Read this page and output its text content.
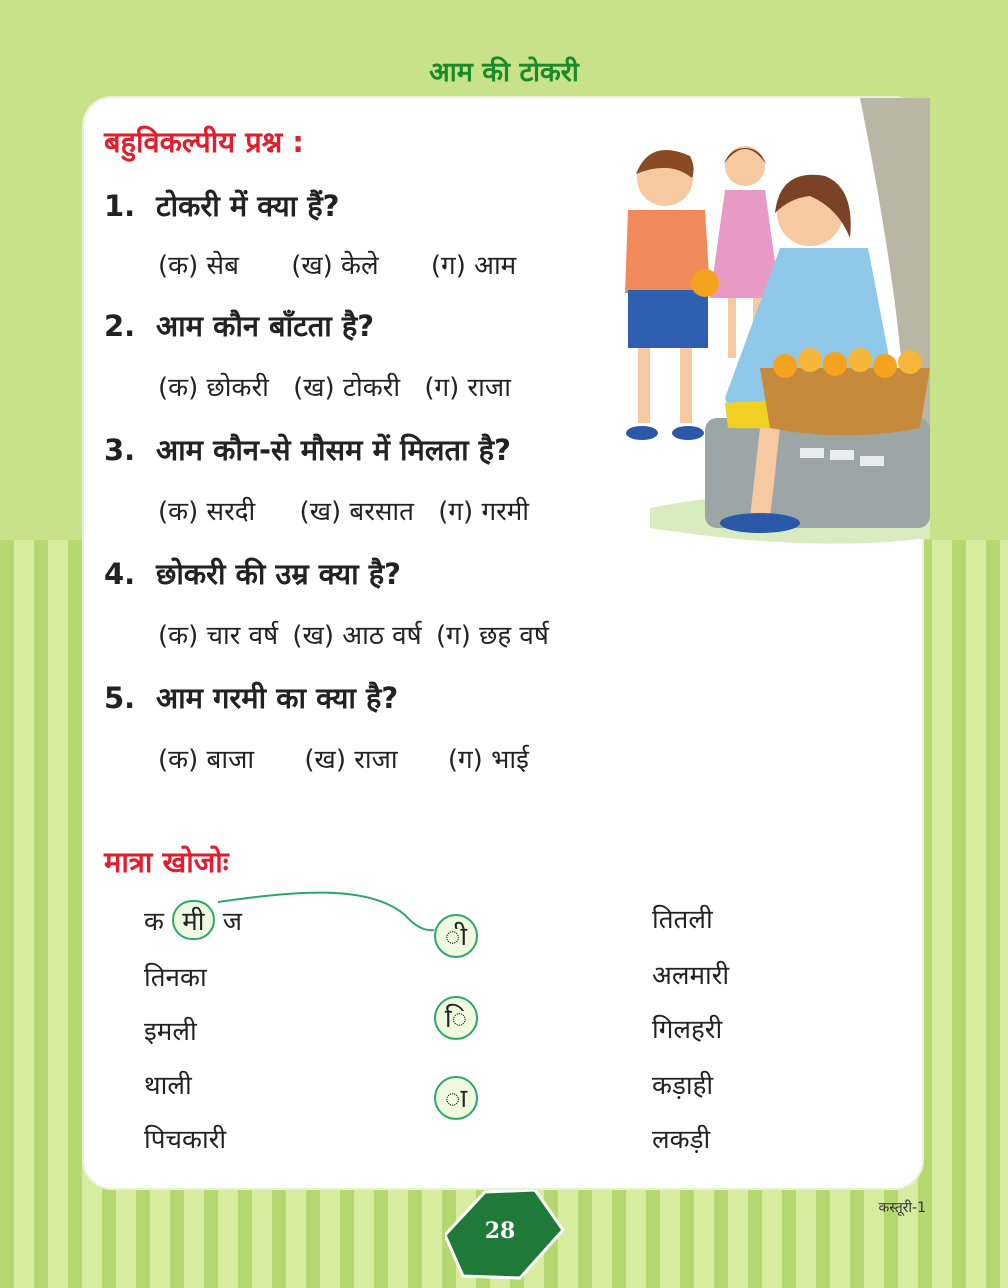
आम की टोकरी
बहुविकल्पीय प्रश्न :
1. टोकरी में क्या हैं?
(क) सेब (ख) केले (ग) आम
2. आम कौन बाँटता है?
(क) छोकरी (ख) टोकरी (ग) राजा
3. आम कौन-से मौसम में मिलता है?
(क) सरदी (ख) बरसात (ग) गरमी
4. छोकरी की उम्र क्या है?
(क) चार वर्ष (ख) आठ वर्ष (ग) छह वर्ष
5. आम गरमी का क्या है?
(क) बाजा (ख) राजा (ग) भाई
मात्रा खोजोः
क मी ज
तिनका
इमली
थाली
पिचकारी
ी
ि
ा
तितली
अलमारी
गिलहरी
कड़ाही
लकड़ी
28
कस्तूरी-1
